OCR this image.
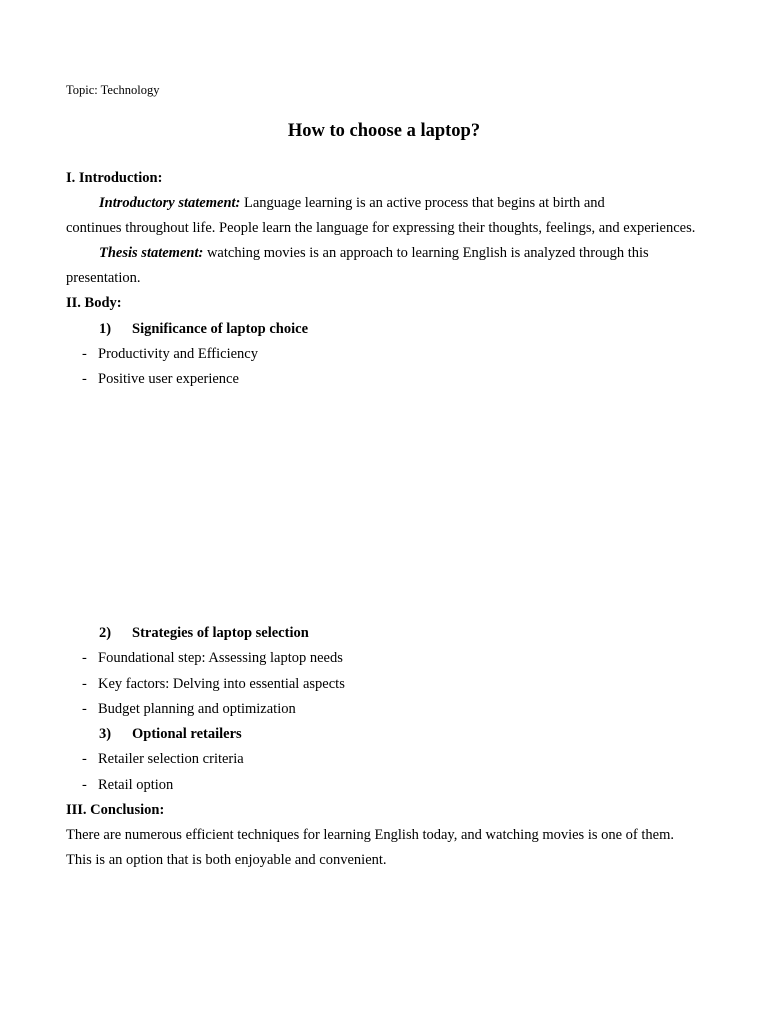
Topic: Technology
How to choose a laptop?
I. Introduction:
Introductory statement: Language learning is an active process that begins at birth and
continues throughout life. People learn the language for expressing their thoughts, feelings, and experiences.
Thesis statement: watching movies is an approach to learning English is analyzed through this
presentation.
II. Body:
1) Significance of laptop choice
- Productivity and Efficiency
- Positive user experience
2) Strategies of laptop selection
- Foundational step: Assessing laptop needs
- Key factors: Delving into essential aspects
- Budget planning and optimization
3) Optional retailers
- Retailer selection criteria
- Retail option
III. Conclusion:
There are numerous efficient techniques for learning English today, and watching movies is one of them.
This is an option that is both enjoyable and convenient.
